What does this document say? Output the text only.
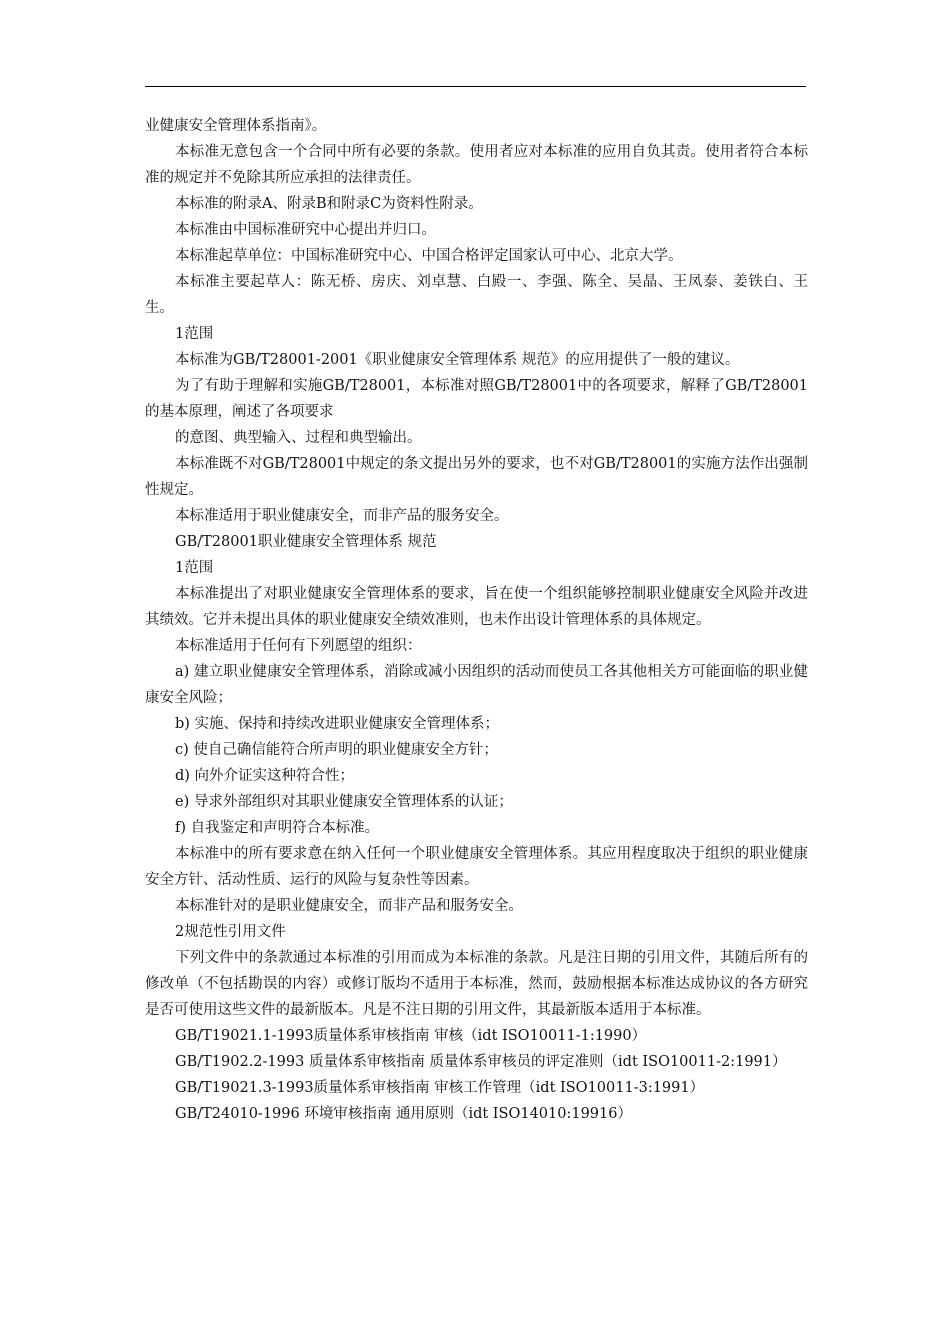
业健康安全管理体系指南》。

本标准无意包含一个合同中所有必要的条款。使用者应对本标准的应用自负其责。使用者符合本标准的规定并不免除其所应承担的法律责任。

本标准的附录A、附录B和附录C为资料性附录。

本标准由中国标准研究中心提出并归口。

本标准起草单位：中国标准研究中心、中国合格评定国家认可中心、北京大学。

本标准主要起草人：陈无桥、房庆、刘卓慧、白殿一、李强、陈全、吴晶、王凤泰、姜铁白、王生。

1范围

本标准为GB/T28001-2001《职业健康安全管理体系 规范》的应用提供了一般的建议。

为了有助于理解和实施GB/T28001，本标准对照GB/T28001中的各项要求，解释了GB/T28001的基本原理，阐述了各项要求

的意图、典型输入、过程和典型输出。

本标准既不对GB/T28001中规定的条文提出另外的要求，也不对GB/T28001的实施方法作出强制性规定。

本标准适用于职业健康安全，而非产品的服务安全。

GB/T28001职业健康安全管理体系 规范

1范围

本标准提出了对职业健康安全管理体系的要求，旨在使一个组织能够控制职业健康安全风险并改进其绩效。它并未提出具体的职业健康安全绩效准则，也未作出设计管理体系的具体规定。

本标准适用于任何有下列愿望的组织：

a) 建立职业健康安全管理体系，消除或减小因组织的活动而使员工各其他相关方可能面临的职业健康安全风险；

b) 实施、保持和持续改进职业健康安全管理体系；

c) 使自己确信能符合所声明的职业健康安全方针；

d) 向外介证实这种符合性；

e) 导求外部组织对其职业健康安全管理体系的认证；

f) 自我鉴定和声明符合本标准。

本标准中的所有要求意在纳入任何一个职业健康安全管理体系。其应用程度取决于组织的职业健康安全方针、活动性质、运行的风险与复杂性等因素。

本标准针对的是职业健康安全，而非产品和服务安全。

2规范性引用文件

下列文件中的条款通过本标准的引用而成为本标准的条款。凡是注日期的引用文件，其随后所有的修改单（不包括勘误的内容）或修订版均不适用于本标准，然而，鼓励根据本标准达成协议的各方研究是否可使用这些文件的最新版本。凡是不注日期的引用文件，其最新版本适用于本标准。

GB/T19021.1-1993质量体系审核指南 审核（idt ISO10011-1:1990）

GB/T1902.2-1993 质量体系审核指南 质量体系审核员的评定准则（idt ISO10011-2:1991）

GB/T19021.3-1993质量体系审核指南 审核工作管理（idt ISO10011-3:1991）

GB/T24010-1996 环境审核指南 通用原则（idt ISO14010:19916）
